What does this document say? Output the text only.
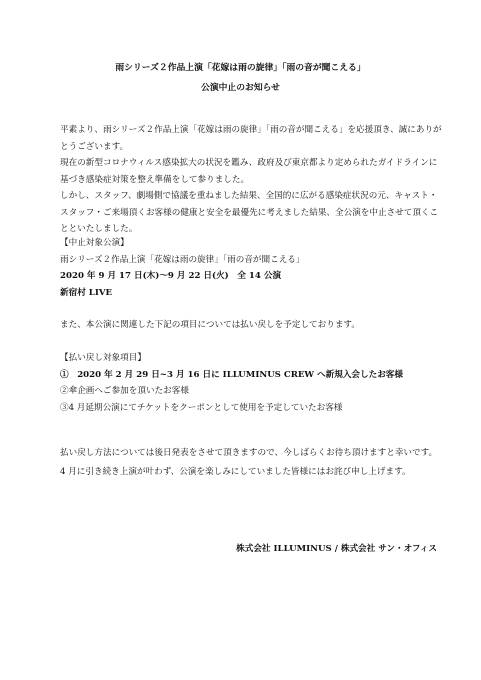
雨シリーズ２作品上演「花嫁は雨の旋律」「雨の音が聞こえる」
公演中止のお知らせ

平素より、雨シリーズ２作品上演「花嫁は雨の旋律」「雨の音が聞こえる」を応援頂き、誠にありがとうございます。

現在の新型コロナウィルス感染拡大の状況を鑑み、政府及び東京都より定められたガイドラインに基づき感染症対策を整え準備をして参りました。

しかし、スタッフ、劇場側で協議を重ねました結果、全国的に広がる感染症状況の元、キャスト・スタッフ・ご来場頂くお客様の健康と安全を最優先に考えました結果、全公演を中止させて頂くことといたしました。

【中止対象公演】

雨シリーズ２作品上演「花嫁は雨の旋律」「雨の音が聞こえる」

2020 年 9 月 17 日(木)～9 月 22 日(火)　全 14 公演

新宿村 LIVE

また、本公演に関連した下記の項目については払い戻しを予定しております。

【払い戻し対象項目】

①　2020 年 2 月 29 日~3 月 16 日に ILLUMINUS CREW へ新規入会したお客様

②傘企画へご参加を頂いたお客様

③4 月延期公演にてチケットをクーポンとして使用を予定していたお客様

払い戻し方法については後日発表をさせて頂きますので、今しばらくお待ち頂けますと幸いです。

4 月に引き続き上演が叶わず、公演を楽しみにしていました皆様にはお詫び申し上げます。

株式会社 ILLUMINUS / 株式会社 サン・オフィス
